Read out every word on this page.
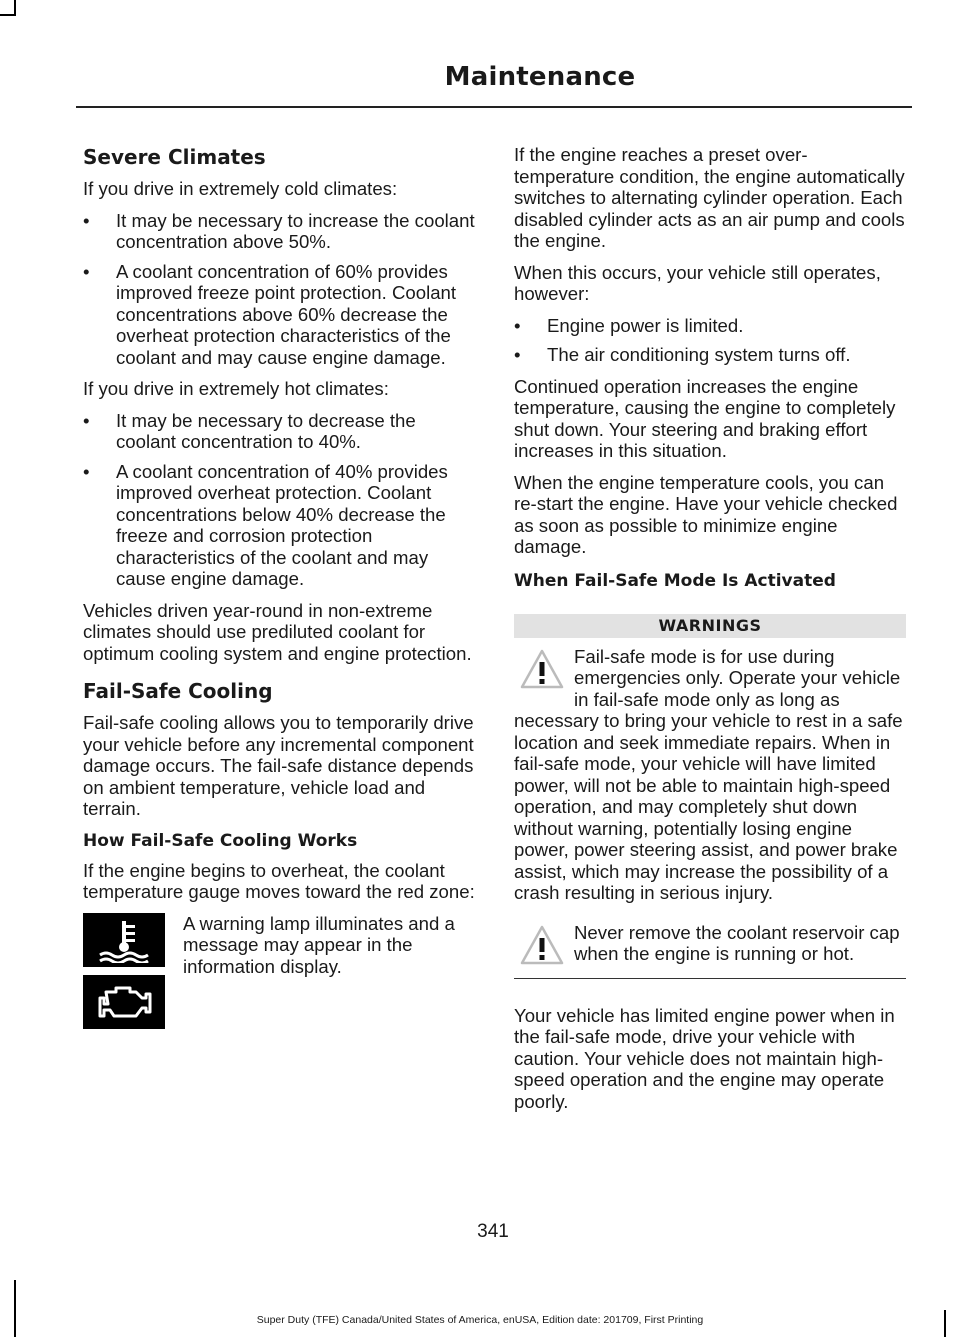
Maintenance
Severe Climates

If you drive in extremely cold climates:

• It may be necessary to increase the coolant concentration above 50%.
• A coolant concentration of 60% provides improved freeze point protection. Coolant concentrations above 60% decrease the overheat protection characteristics of the coolant and may cause engine damage.

If you drive in extremely hot climates:

• It may be necessary to decrease the coolant concentration to 40%.
• A coolant concentration of 40% provides improved overheat protection. Coolant concentrations below 40% decrease the freeze and corrosion protection characteristics of the coolant and may cause engine damage.

Vehicles driven year-round in non-extreme climates should use prediluted coolant for optimum cooling system and engine protection.

Fail-Safe Cooling

Fail-safe cooling allows you to temporarily drive your vehicle before any incremental component damage occurs. The fail-safe distance depends on ambient temperature, vehicle load and terrain.

How Fail-Safe Cooling Works

If the engine begins to overheat, the coolant temperature gauge moves toward the red zone:

A warning lamp illuminates and a message may appear in the information display.

If the engine reaches a preset over-temperature condition, the engine automatically switches to alternating cylinder operation. Each disabled cylinder acts as an air pump and cools the engine.

When this occurs, your vehicle still operates, however:

• Engine power is limited.
• The air conditioning system turns off.

Continued operation increases the engine temperature, causing the engine to completely shut down. Your steering and braking effort increases in this situation.

When the engine temperature cools, you can re-start the engine. Have your vehicle checked as soon as possible to minimize engine damage.

When Fail-Safe Mode Is Activated
WARNINGS
Fail-safe mode is for use during emergencies only. Operate your vehicle in fail-safe mode only as long as necessary to bring your vehicle to rest in a safe location and seek immediate repairs. When in fail-safe mode, your vehicle will have limited power, will not be able to maintain high-speed operation, and may completely shut down without warning, potentially losing engine power, power steering assist, and power brake assist, which may increase the possibility of a crash resulting in serious injury.
Never remove the coolant reservoir cap when the engine is running or hot.

Your vehicle has limited engine power when in the fail-safe mode, drive your vehicle with caution. Your vehicle does not maintain high-speed operation and the engine may operate poorly.

341
Super Duty (TFE) Canada/United States of America, enUSA, Edition date: 201709, First Printing
